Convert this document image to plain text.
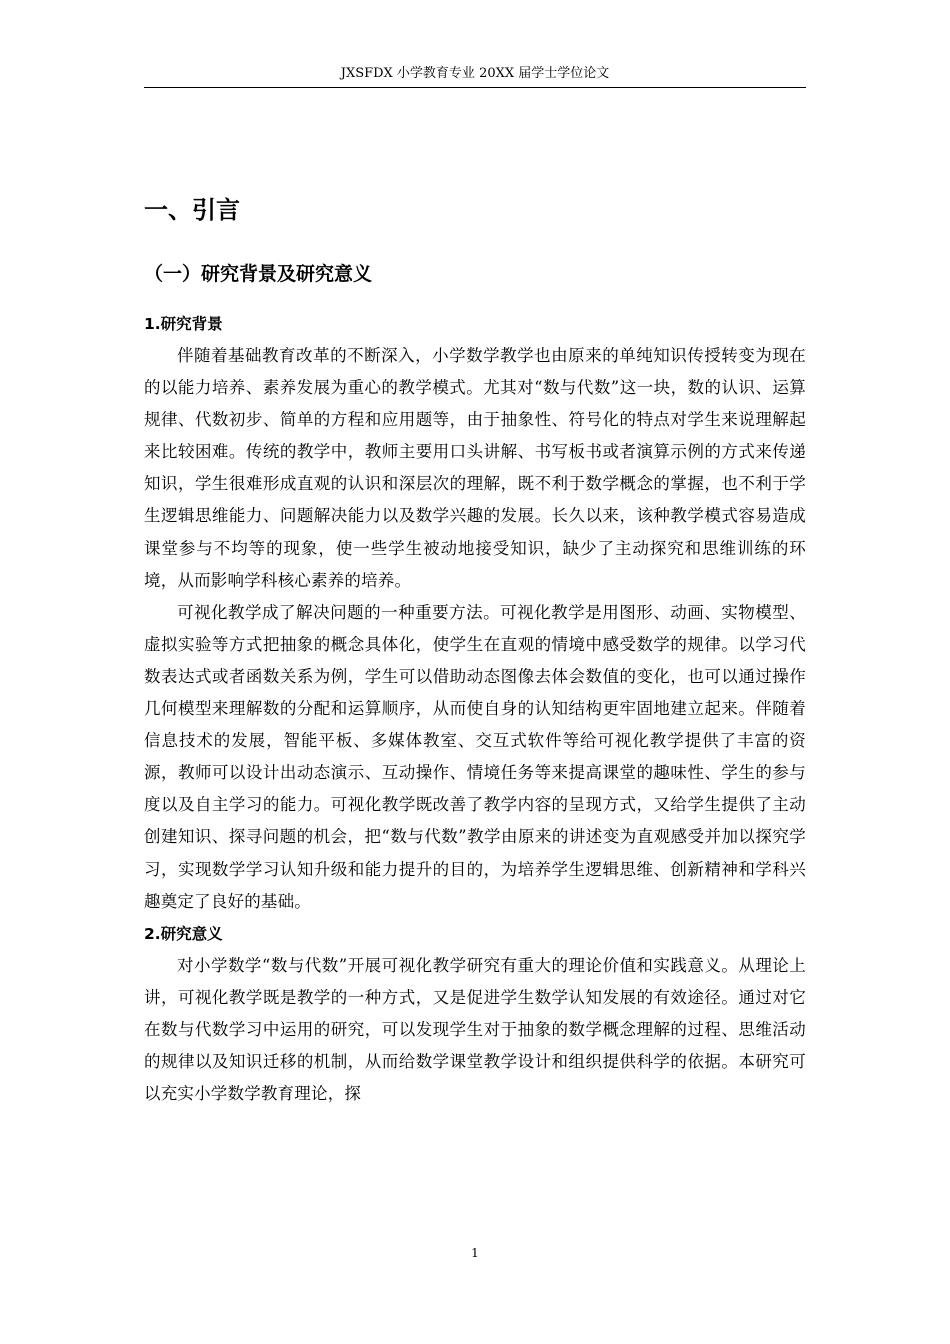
JXSFDX 小学教育专业 20XX 届学士学位论文
一、引言
（一）研究背景及研究意义
1.研究背景

伴随着基础教育改革的不断深入，小学数学教学也由原来的单纯知识传授转变为现在的以能力培养、素养发展为重心的教学模式。尤其对“数与代数”这一块，数的认识、运算规律、代数初步、简单的方程和应用题等，由于抽象性、符号化的特点对学生来说理解起来比较困难。传统的教学中，教师主要用口头讲解、书写板书或者演算示例的方式来传递知识，学生很难形成直观的认识和深层次的理解，既不利于数学概念的掌握，也不利于学生逻辑思维能力、问题解决能力以及数学兴趣的发展。长久以来，该种教学模式容易造成课堂参与不均等的现象，使一些学生被动地接受知识，缺少了主动探究和思维训练的环境，从而影响学科核心素养的培养。

可视化教学成了解决问题的一种重要方法。可视化教学是用图形、动画、实物模型、虚拟实验等方式把抽象的概念具体化，使学生在直观的情境中感受数学的规律。以学习代数表达式或者函数关系为例，学生可以借助动态图像去体会数值的变化，也可以通过操作几何模型来理解数的分配和运算顺序，从而使自身的认知结构更牢固地建立起来。伴随着信息技术的发展，智能平板、多媒体教室、交互式软件等给可视化教学提供了丰富的资源，教师可以设计出动态演示、互动操作、情境任务等来提高课堂的趣味性、学生的参与度以及自主学习的能力。可视化教学既改善了教学内容的呈现方式，又给学生提供了主动创建知识、探寻问题的机会，把“数与代数”教学由原来的讲述变为直观感受并加以探究学习，实现数学学习认知升级和能力提升的目的，为培养学生逻辑思维、创新精神和学科兴趣奠定了良好的基础。

2.研究意义

对小学数学“数与代数”开展可视化教学研究有重大的理论价值和实践意义。从理论上讲，可视化教学既是教学的一种方式，又是促进学生数学认知发展的有效途径。通过对它在数与代数学习中运用的研究，可以发现学生对于抽象的数学概念理解的过程、思维活动的规律以及知识迁移的机制，从而给数学课堂教学设计和组织提供科学的依据。本研究可以充实小学数学教育理论，探

1
